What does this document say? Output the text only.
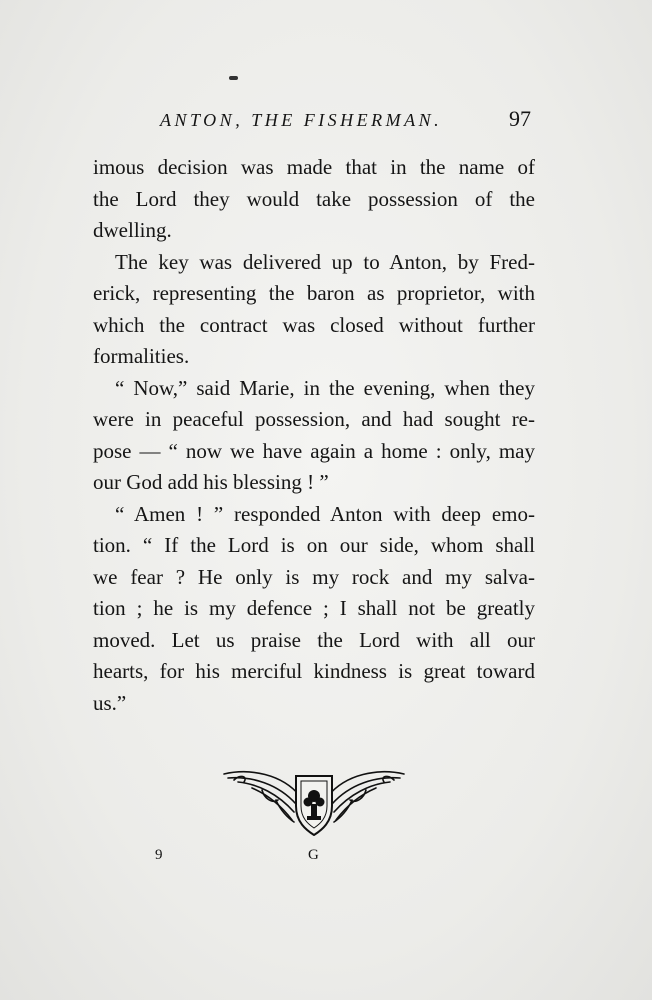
ANTON, THE FISHERMAN.	97
imous decision was made that in the name of
the Lord they would take possession of the
dwelling.
The key was delivered up to Anton, by Fred-
erick, representing the baron as proprietor, with
which the contract was closed without further
formalities.
“ Now,” said Marie, in the evening, when they
were in peaceful possession, and had sought re-
pose — “ now we have again a home : only, may
our God add his blessing ! ”
“ Amen ! ” responded Anton with deep emo-
tion. “ If the Lord is on our side, whom shall
we fear ? He only is my rock and my salva-
tion ; he is my defence ; I shall not be greatly
moved. Let us praise the Lord with all our
hearts, for his merciful kindness is great toward
us.”
9	G
